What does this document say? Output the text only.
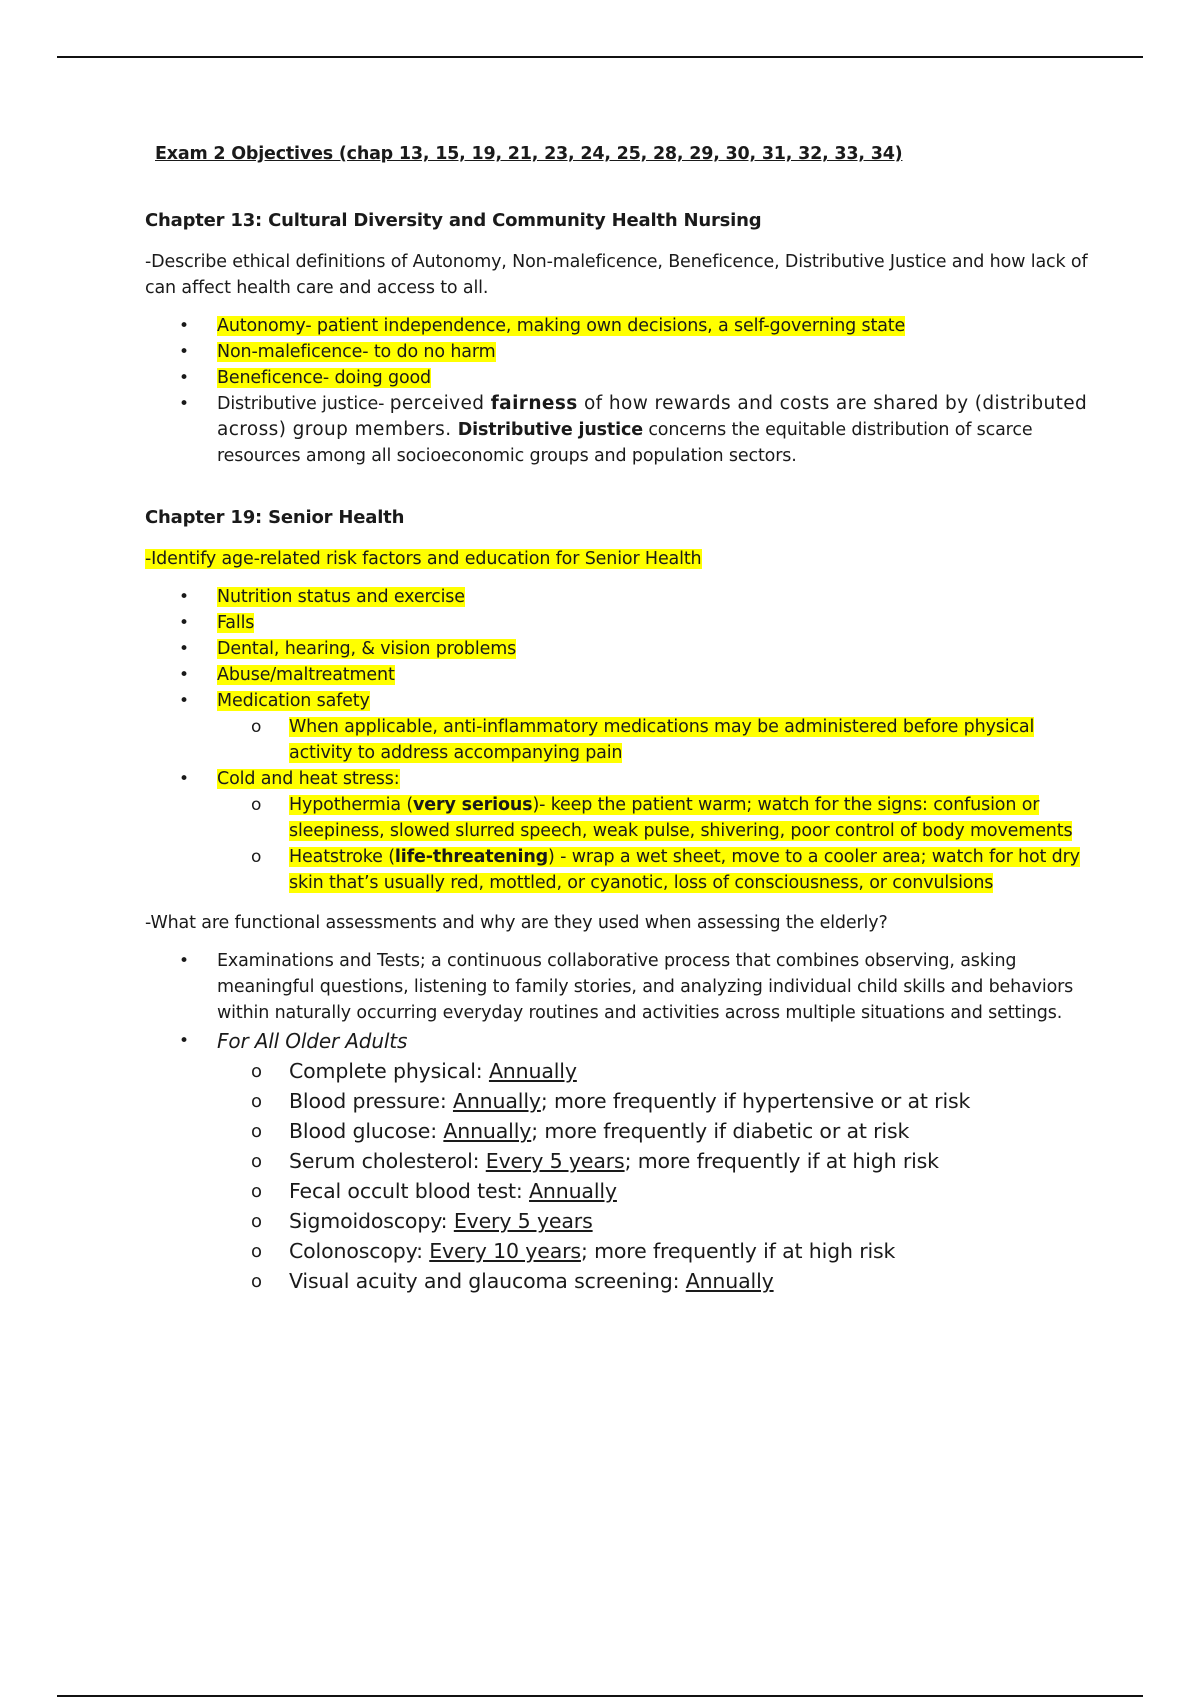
Exam 2 Objectives (chap 13, 15, 19, 21, 23, 24, 25, 28, 29, 30, 31, 32, 33, 34)
Chapter 13: Cultural Diversity and Community Health Nursing
-Describe ethical definitions of Autonomy, Non-maleficence, Beneficence, Distributive Justice and how lack of can affect health care and access to all.
• Autonomy- patient independence, making own decisions, a self-governing state
• Non-maleficence- to do no harm
• Beneficence- doing good
• Distributive justice- perceived fairness of how rewards and costs are shared by (distributed across) group members. Distributive justice concerns the equitable distribution of scarce resources among all socioeconomic groups and population sectors.
Chapter 19: Senior Health
-Identify age-related risk factors and education for Senior Health
• Nutrition status and exercise
• Falls
• Dental, hearing, & vision problems
• Abuse/maltreatment
• Medication safety
o When applicable, anti-inflammatory medications may be administered before physical activity to address accompanying pain
• Cold and heat stress:
o Hypothermia (very serious)- keep the patient warm; watch for the signs: confusion or sleepiness, slowed slurred speech, weak pulse, shivering, poor control of body movements
o Heatstroke (life-threatening) - wrap a wet sheet, move to a cooler area; watch for hot dry skin that’s usually red, mottled, or cyanotic, loss of consciousness, or convulsions
-What are functional assessments and why are they used when assessing the elderly?
• Examinations and Tests; a continuous collaborative process that combines observing, asking meaningful questions, listening to family stories, and analyzing individual child skills and behaviors within naturally occurring everyday routines and activities across multiple situations and settings.
• For All Older Adults
o Complete physical: Annually
o Blood pressure: Annually; more frequently if hypertensive or at risk
o Blood glucose: Annually; more frequently if diabetic or at risk
o Serum cholesterol: Every 5 years; more frequently if at high risk
o Fecal occult blood test: Annually
o Sigmoidoscopy: Every 5 years
o Colonoscopy: Every 10 years; more frequently if at high risk
o Visual acuity and glaucoma screening: Annually
